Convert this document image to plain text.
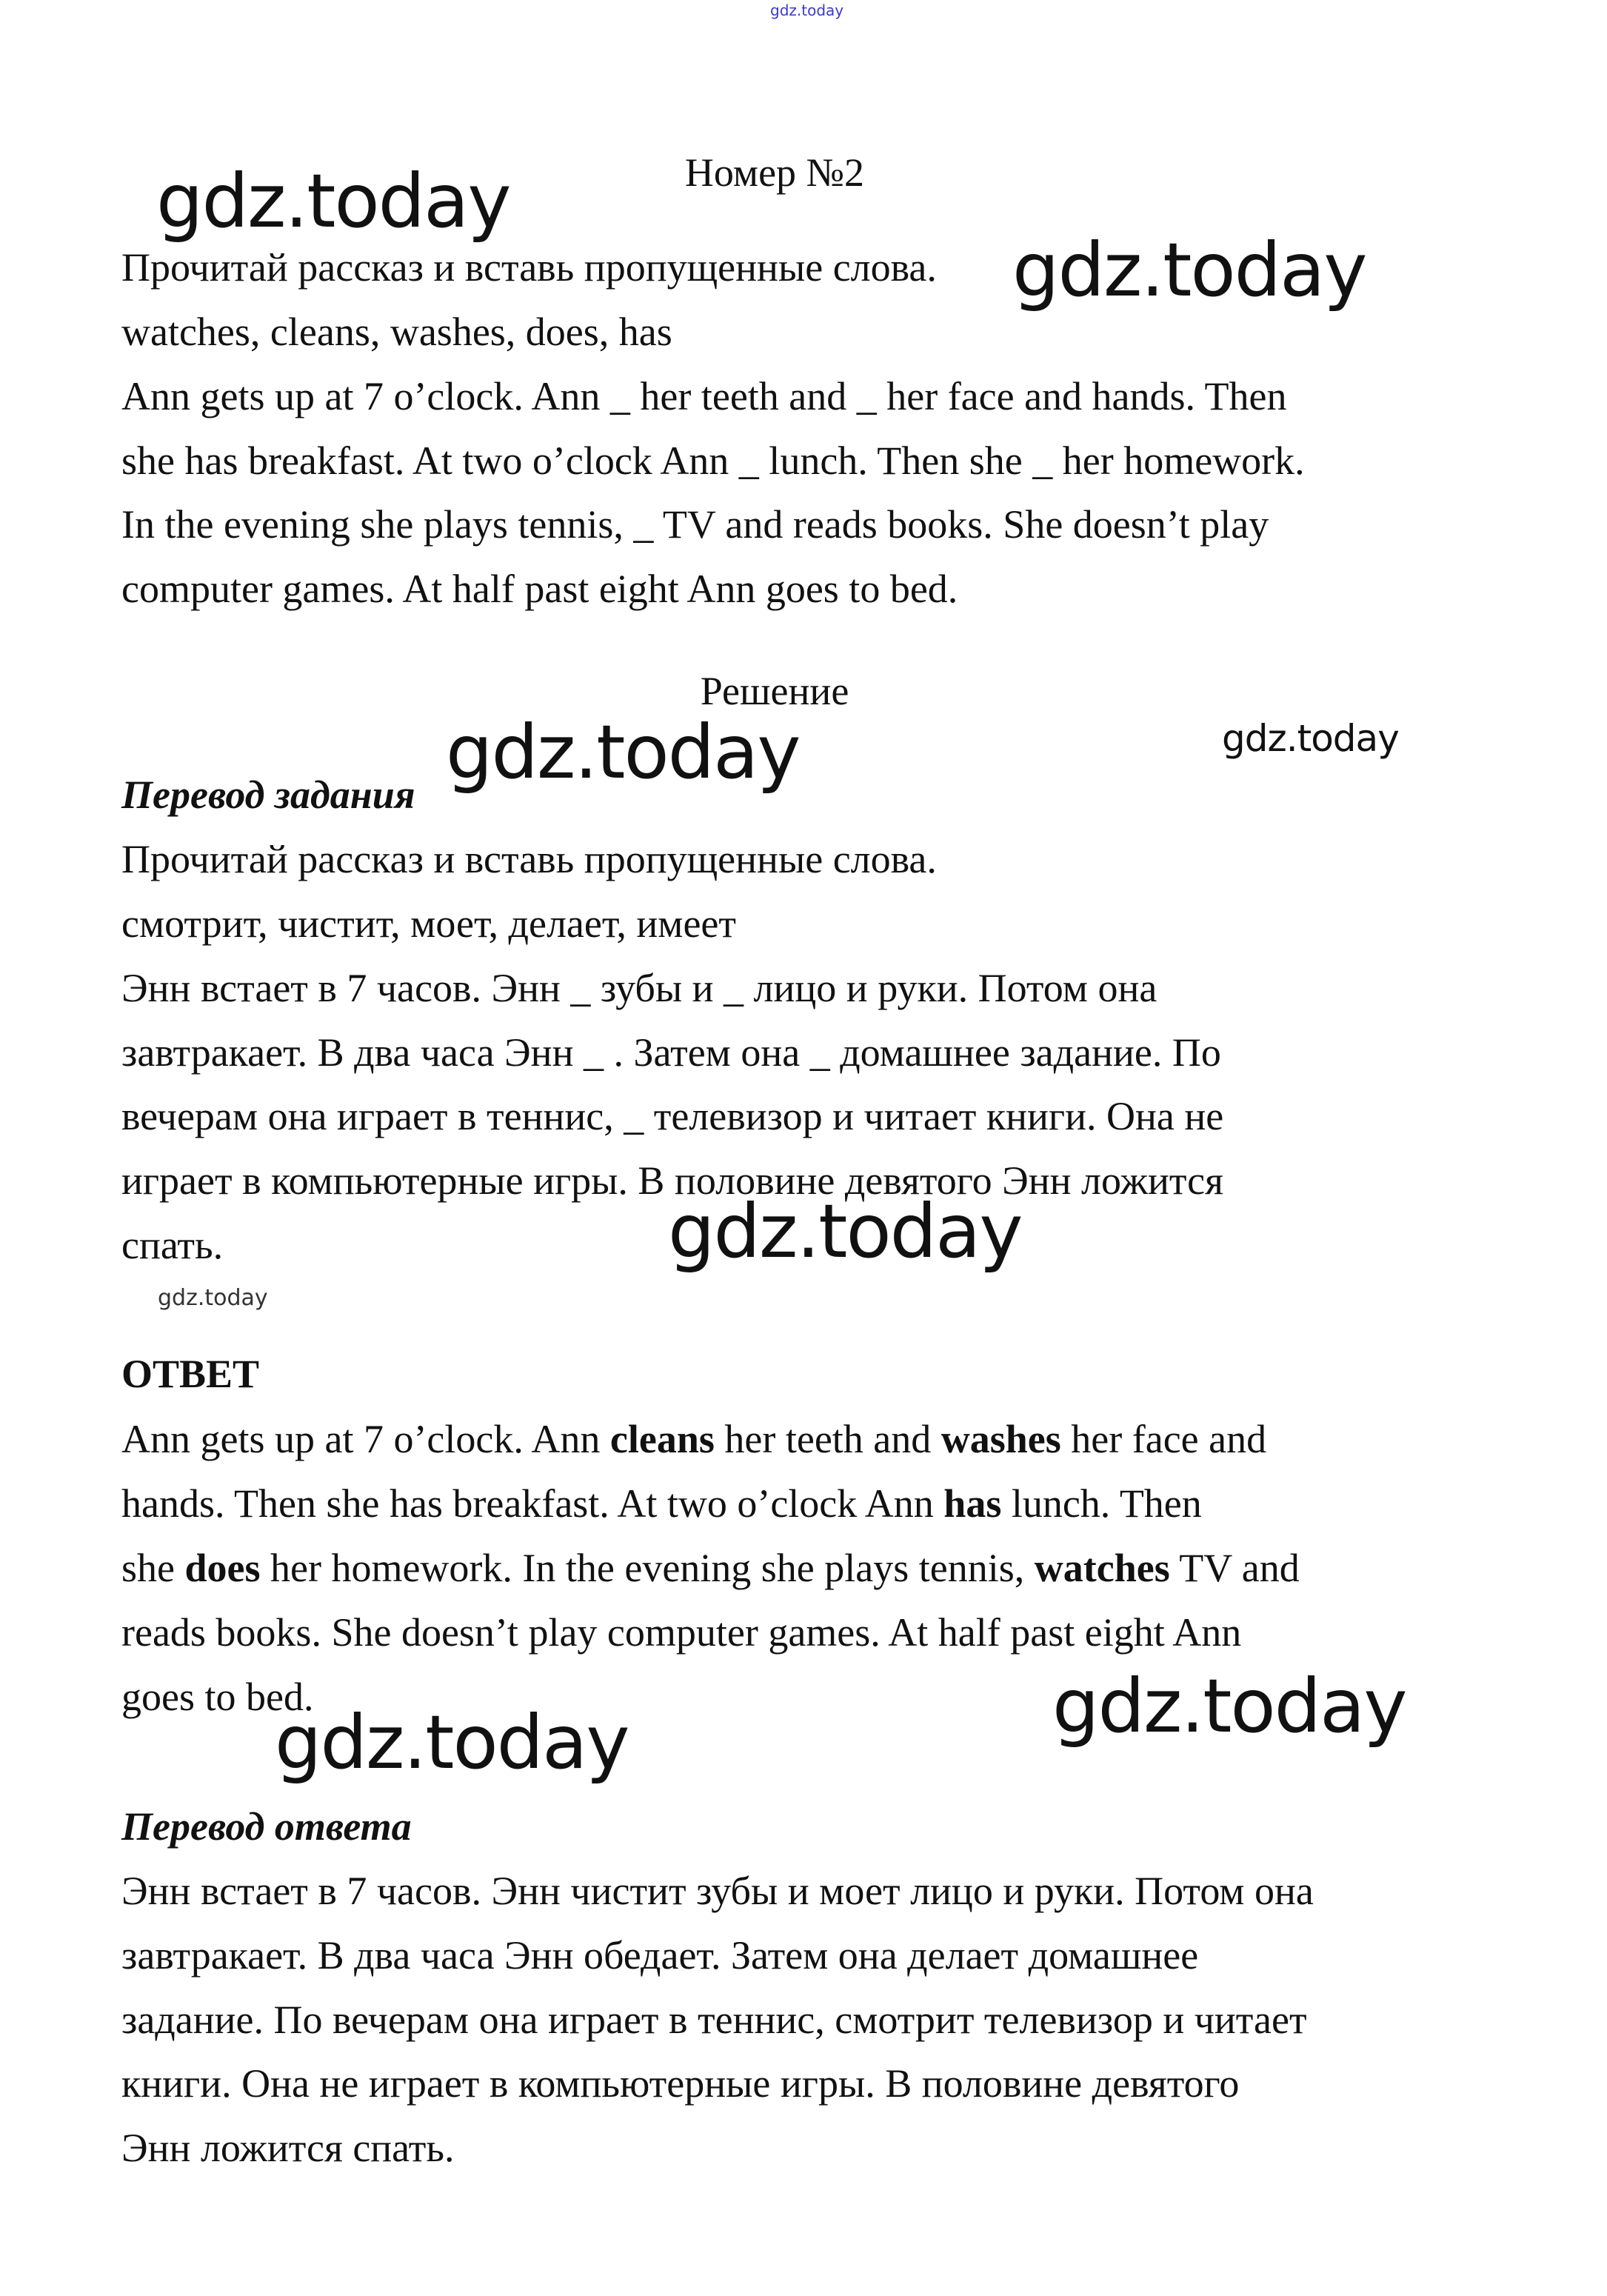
gdz.today
gdz.today
gdz.today
gdz.today	gdz.today
gdz.today
gdz.today
gdz.today	gdz.today
Номер №2
Прочитай рассказ и вставь пропущенные слова.
watches, cleans, washes, does, has
Ann gets up at 7 o’clock. Ann _ her teeth and _ her face and hands. Then
she has breakfast. At two o’clock Ann _ lunch. Then she _ her homework.
In the evening she plays tennis, _ TV and reads books. She doesn’t play
computer games. At half past eight Ann goes to bed.
Решение
Перевод задания
Прочитай рассказ и вставь пропущенные слова.
смотрит, чистит, моет, делает, имеет
Энн встает в 7 часов. Энн _ зубы и _ лицо и руки. Потом она
завтракает. В два часа Энн _ . Затем она _ домашнее задание. По
вечерам она играет в теннис, _ телевизор и читает книги. Она не
играет в компьютерные игры. В половине девятого Энн ложится
спать.
ОТВЕТ
Ann gets up at 7 o’clock. Ann cleans her teeth and washes her face and
hands. Then she has breakfast. At two o’clock Ann has lunch. Then
she does her homework. In the evening she plays tennis, watches TV and
reads books. She doesn’t play computer games. At half past eight Ann
goes to bed.
Перевод ответа
Энн встает в 7 часов. Энн чистит зубы и моет лицо и руки. Потом она
завтракает. В два часа Энн обедает. Затем она делает домашнее
задание. По вечерам она играет в теннис, смотрит телевизор и читает
книги. Она не играет в компьютерные игры. В половине девятого
Энн ложится спать.
